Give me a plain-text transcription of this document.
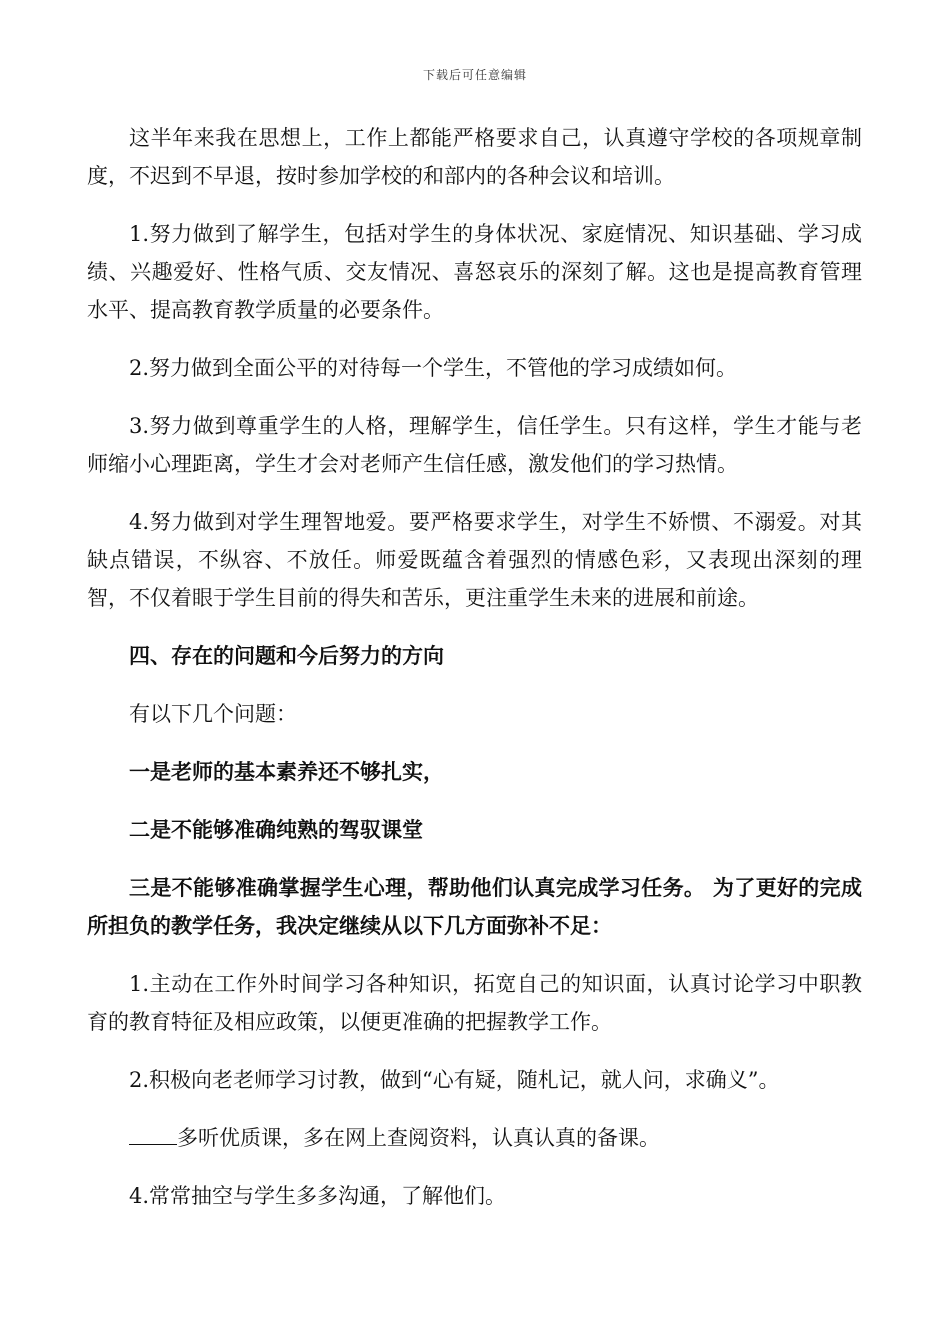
下载后可任意编辑

这半年来我在思想上，工作上都能严格要求自己，认真遵守学校的各项规章制度，不迟到不早退，按时参加学校的和部内的各种会议和培训。

1.努力做到了解学生，包括对学生的身体状况、家庭情况、知识基础、学习成绩、兴趣爱好、性格气质、交友情况、喜怒哀乐的深刻了解。这也是提高教育管理水平、提高教育教学质量的必要条件。

2.努力做到全面公平的对待每一个学生，不管他的学习成绩如何。

3.努力做到尊重学生的人格，理解学生，信任学生。只有这样，学生才能与老师缩小心理距离，学生才会对老师产生信任感，激发他们的学习热情。

4.努力做到对学生理智地爱。要严格要求学生，对学生不娇惯、不溺爱。对其缺点错误，不纵容、不放任。师爱既蕴含着强烈的情感色彩，又表现出深刻的理智，不仅着眼于学生目前的得失和苦乐，更注重学生未来的进展和前途。

四、存在的问题和今后努力的方向

有以下几个问题：

一是老师的基本素养还不够扎实，

二是不能够准确纯熟的驾驭课堂

三是不能够准确掌握学生心理，帮助他们认真完成学习任务。 为了更好的完成所担负的教学任务，我决定继续从以下几方面弥补不足：

1.主动在工作外时间学习各种知识，拓宽自己的知识面，认真讨论学习中职教育的教育特征及相应政策，以便更准确的把握教学工作。

2.积极向老老师学习讨教，做到“心有疑，随札记，就人问，求确义”。

多听优质课，多在网上查阅资料，认真认真的备课。

4.常常抽空与学生多多沟通，了解他们。
